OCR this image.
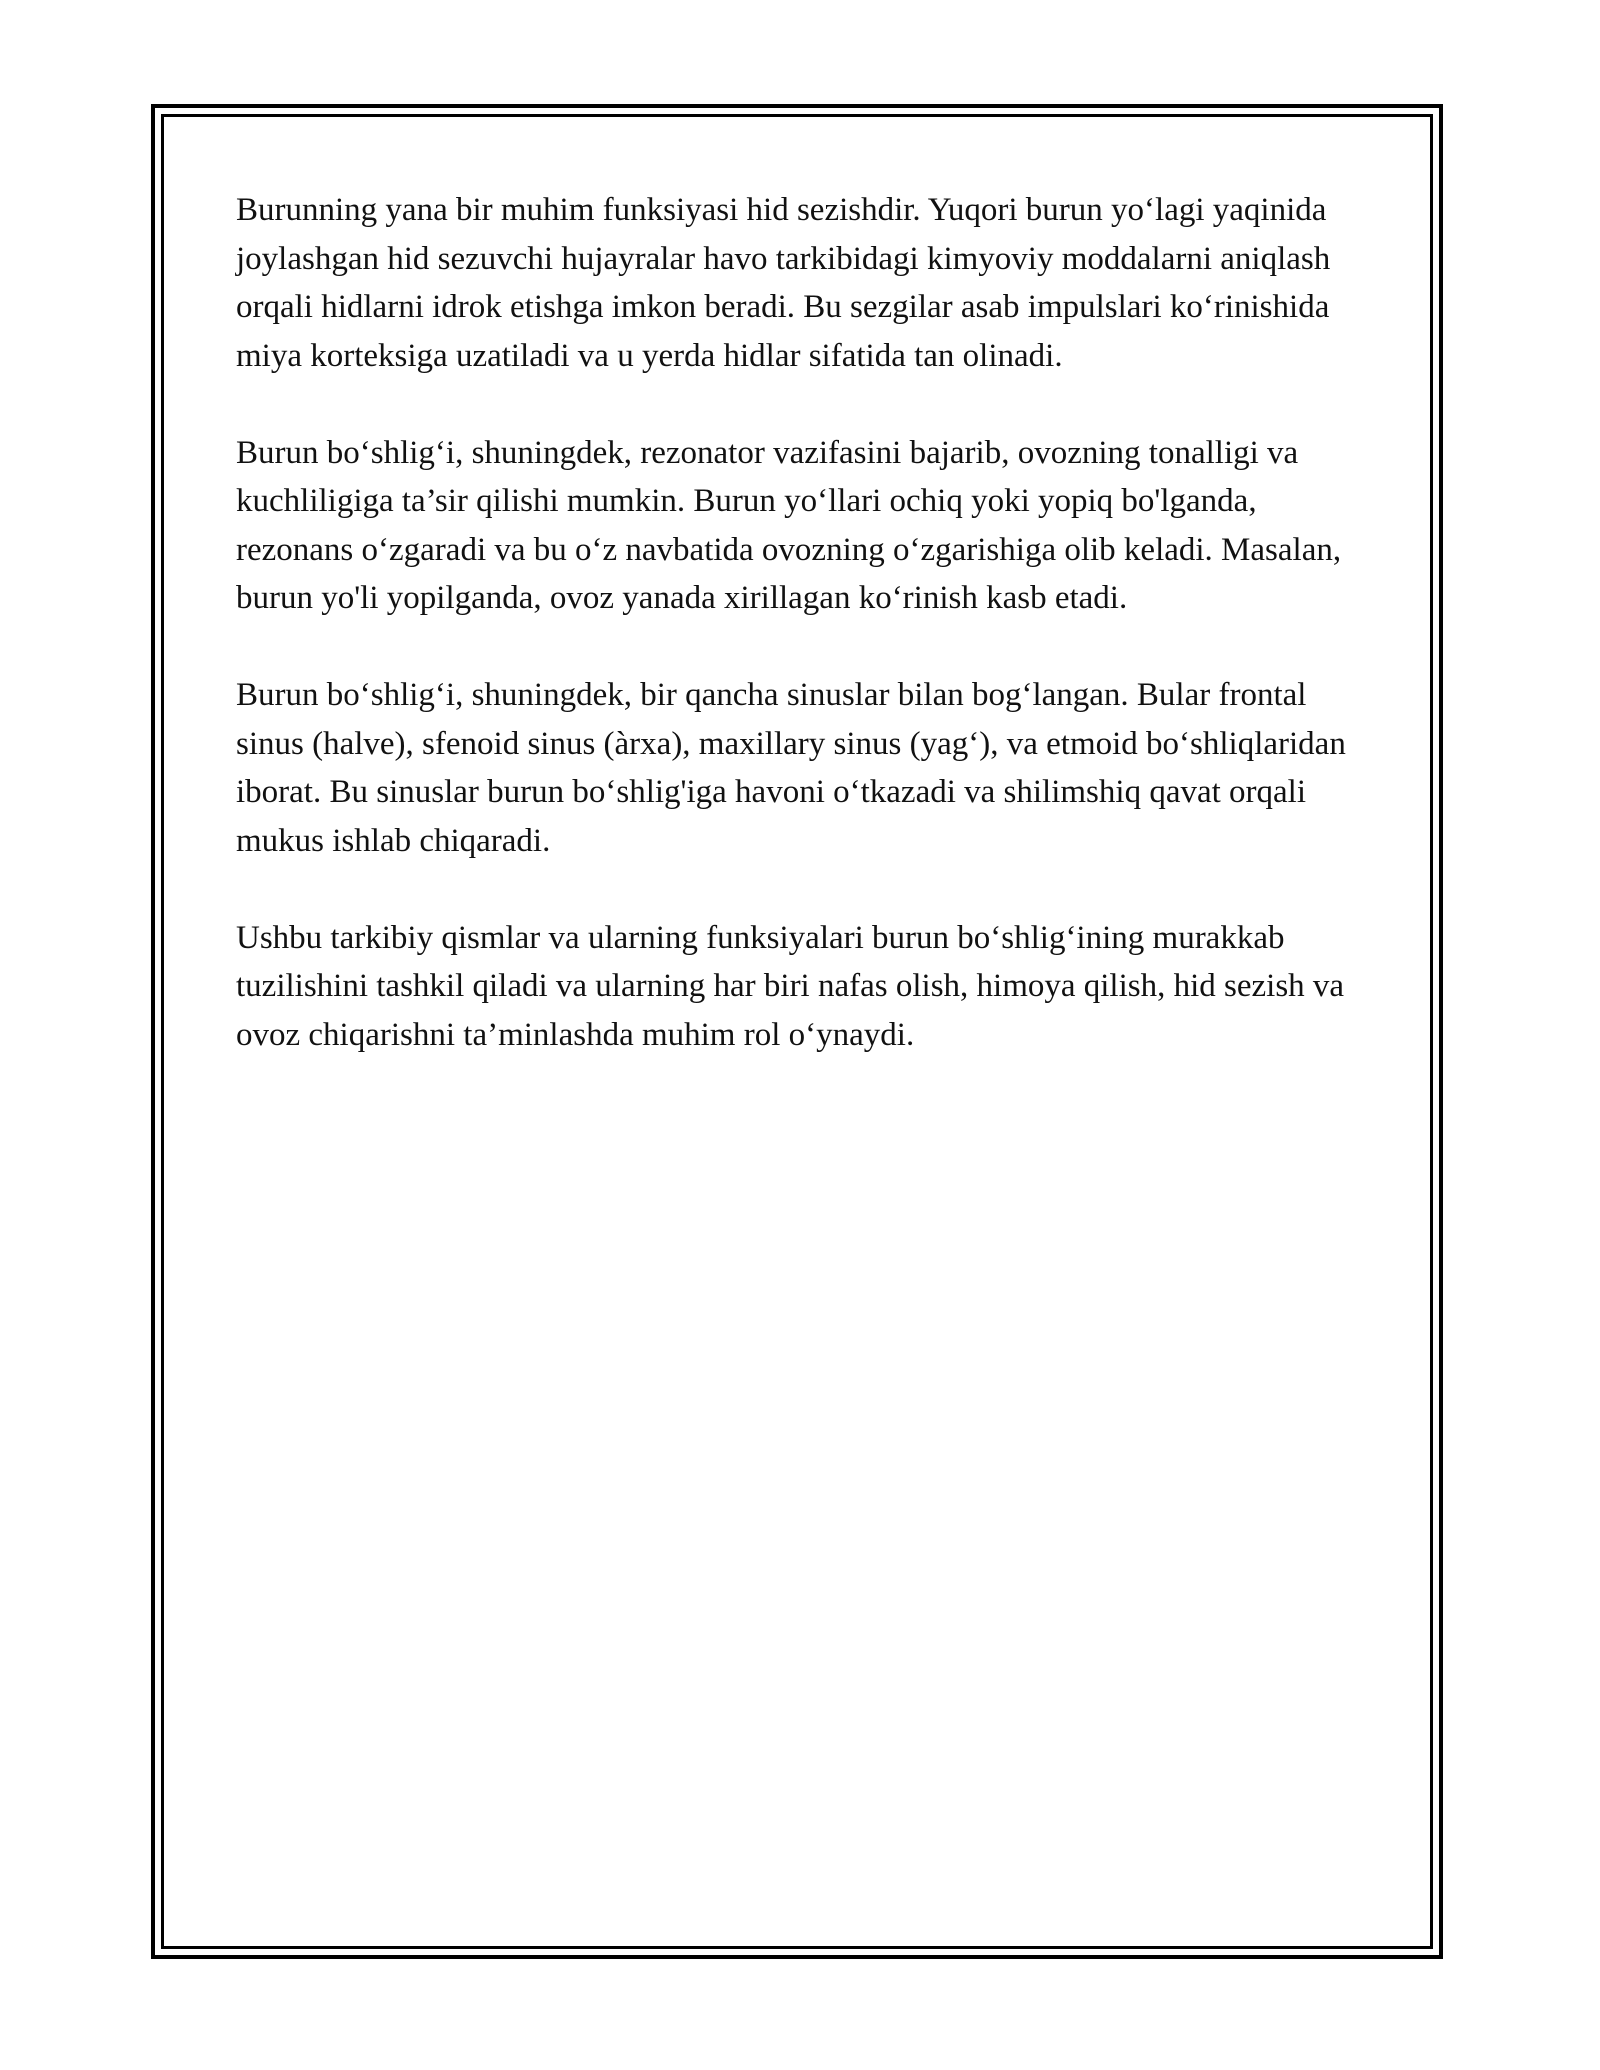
Burunning yana bir muhim funksiyasi hid sezishdir. Yuqori burun yo‘lagi yaqinida joylashgan hid sezuvchi hujayralar havo tarkibidagi kimyoviy moddalarni aniqlash orqali hidlarni idrok etishga imkon beradi. Bu sezgilar asab impulslari ko‘rinishida miya korteksiga uzatiladi va u yerda hidlar sifatida tan olinadi.

Burun bo‘shlig‘i, shuningdek, rezonator vazifasini bajarib, ovozning tonalligi va kuchliligiga ta’sir qilishi mumkin. Burun yo‘llari ochiq yoki yopiq bo'lganda, rezonans o‘zgaradi va bu o‘z navbatida ovozning o‘zgarishiga olib keladi. Masalan, burun yo'li yopilganda, ovoz yanada xirillagan ko‘rinish kasb etadi.

Burun bo‘shlig‘i, shuningdek, bir qancha sinuslar bilan bog‘langan. Bular frontal sinus (halve), sfenoid sinus (àrxa), maxillary sinus (yag‘), va etmoid bo‘shliqlaridan iborat. Bu sinuslar burun bo‘shlig'iga havoni o‘tkazadi va shilimshiq qavat orqali mukus ishlab chiqaradi.

Ushbu tarkibiy qismlar va ularning funksiyalari burun bo‘shlig‘ining murakkab tuzilishini tashkil qiladi va ularning har biri nafas olish, himoya qilish, hid sezish va ovoz chiqarishni ta’minlashda muhim rol o‘ynaydi.
